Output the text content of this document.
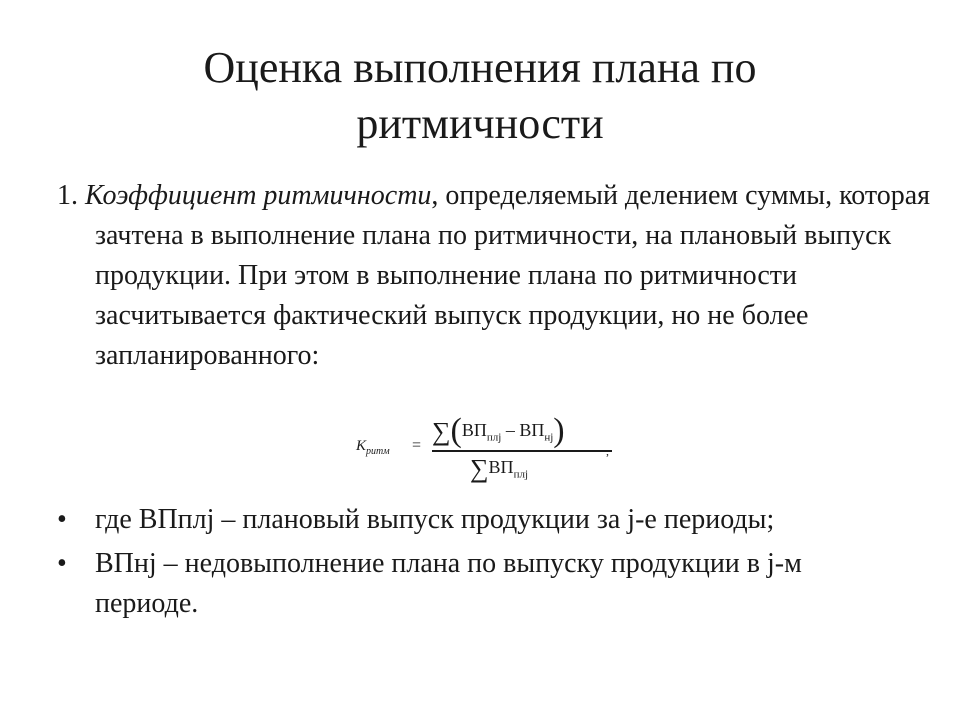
Оценка выполнения плана по
ритмичности
1. Коэффициент ритмичности, определяемый делением суммы, которая зачтена в выполнение плана по ритмичности, на плановый выпуск продукции. При этом в выполнение плана по ритмичности засчитывается фактический выпуск продукции, но не более запланированного:
$K_{ритм} = \sum(ВП_{плj} - ВП_{нj})$
$\sum ВП_{плj}$
,
• где ВПплj – плановый выпуск продукции за j-е периоды;
• ВПнj – недовыполнение плана по выпуску продукции в j-м периоде.
